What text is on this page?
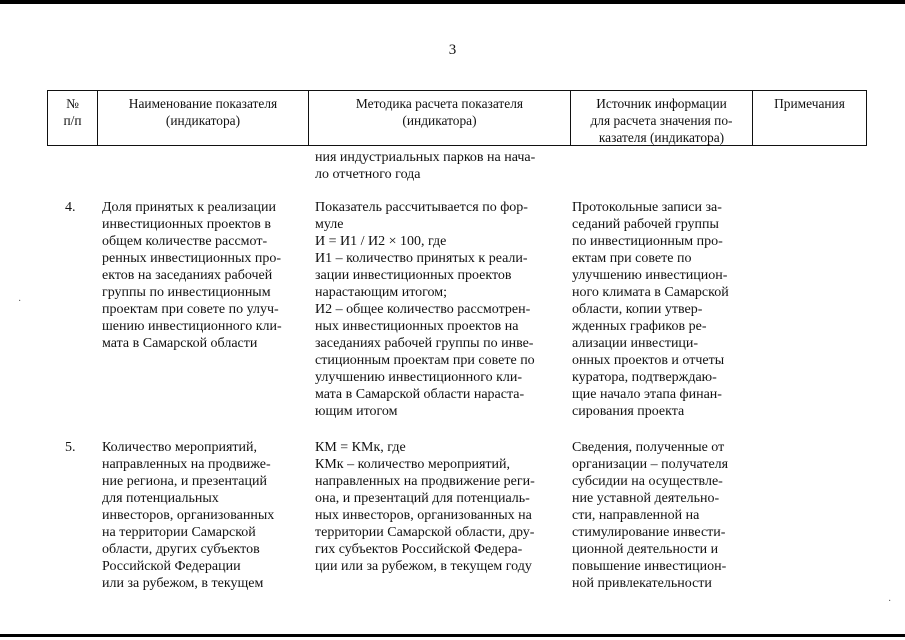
3
№
п/п
Наименование показателя
(индикатора)
Методика расчета показателя
(индикатора)
Источник информации
для расчета значения по-
казателя (индикатора)
Примечания
ния индустриальных парков на нача-
ло отчетного года
4. Доля принятых к реализации
инвестиционных проектов в
общем количестве рассмот-
ренных инвестиционных про-
ектов на заседаниях рабочей
группы по инвестиционным
проектам при совете по улуч-
шению инвестиционного кли-
мата в Самарской области
Показатель рассчитывается по фор-
муле
И = И1 / И2 × 100, где
И1 – количество принятых к реали-
зации инвестиционных проектов
нарастающим итогом;
И2 – общее количество рассмотрен-
ных инвестиционных проектов на
заседаниях рабочей группы по инве-
стиционным проектам при совете по
улучшению инвестиционного кли-
мата в Самарской области нараста-
ющим итогом
Протокольные записи за-
седаний рабочей группы
по инвестиционным про-
ектам при совете по
улучшению инвестицион-
ного климата в Самарской
области, копии утвер-
жденных графиков ре-
ализации инвестици-
онных проектов и отчеты
куратора, подтверждаю-
щие начало этапа финан-
сирования проекта
5. Количество мероприятий,
направленных на продвиже-
ние региона, и презентаций
для потенциальных
инвесторов, организованных
на территории Самарской
области, других субъектов
Российской Федерации
или за рубежом, в текущем
КМ = КМк, где
КМк – количество мероприятий,
направленных на продвижение реги-
она, и презентаций для потенциаль-
ных инвесторов, организованных на
территории Самарской области, дру-
гих субъектов Российской Федера-
ции или за рубежом, в текущем году
Сведения, полученные от
организации – получателя
субсидии на осуществле-
ние уставной деятельно-
сти, направленной на
стимулирование инвести-
ционной деятельности и
повышение инвестицион-
ной привлекательности
·
·
